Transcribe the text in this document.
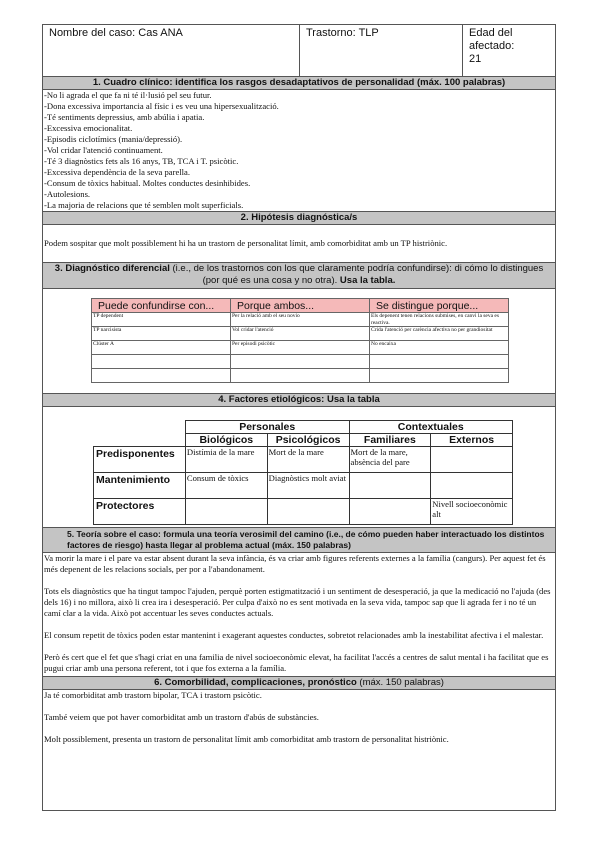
Nombre del caso: Cas ANA	Trastorno: TLP	Edad del afectado:
21
1. Cuadro clínico: identifica los rasgos desadaptativos de personalidad (máx. 100 palabras)

-No li agrada el que fa ni té il·lusió pel seu futur.

-Dona excessiva importancia al físic i es veu una hipersexualització.

-Té sentiments depressius, amb abúlia i apatia.

-Excessiva emocionalitat.

-Episodis ciclotímics (mania/depressió).

-Vol cridar l'atenció continuament.

-Té 3 diagnòstics fets als 16 anys, TB, TCA i T. psicòtic.

-Excessiva dependència de la seva parella.

-Consum de tòxics habitual. Moltes conductes desinhibides.

-Autolesions.

-La majoria de relacions que té semblen molt superficials.

2. Hipótesis diagnóstica/s

Podem sospitar que molt possiblement hi ha un trastorn de personalitat límit, amb comorbiditat amb un TP histriònic.

3. Diagnóstico diferencial (i.e., de los trastornos con los que claramente podría confundirse): di cómo lo distingues (por qué es una cosa y no otra). Usa la tabla.
Puede confundirse con...	Porque ambos...	Se distingue porque...
TP dependent	Per la relació amb el seu novio	Els depenent tenen relacions submises, en canvi la seva es reactiva.
TP narcisista	Vol cridar l'atenció	Crida l'atenció per carència afectiva no per grandiositat
Clúster A	Per episodi psicòtic	No encaixa

4. Factores etiológicos: Usa la tabla
	Personales		Contextuales	
	Biológicos	Psicológicos	Familiares	Externos
Predisponentes	Distímia de la mare	Mort de la mare	Mort de la mare, absència del pare	
Mantenimiento	Consum de tòxics	Diagnòstics molt aviat		
Protectores				Nivell socioeconòmic alt
5. Teoría sobre el caso: formula una teoría verosimil del camino (i.e., de cómo pueden haber interactuado los distintos factores de riesgo) hasta llegar al problema actual (máx. 150 palabras)

Va morir la mare i el pare va estar absent durant la seva infància, és va criar amb figures referents externes a la família (cangurs). Per aquest fet és més depenent de les relacions socials, per por a l'abandonament.

Tots els diagnòstics que ha tingut tampoc l'ajuden, perquè porten estigmatització i un sentiment de desesperació, ja que la medicació no l'ajuda (des dels 16) i no millora, això li crea ira i desesperació. Per culpa d'això no es sent motivada en la seva vida, tampoc sap que li agrada fer i no té un camí clar a la vida. Això pot accentuar les seves conductes actuals.

El consum repetit de tòxics poden estar mantenint i exagerant aquestes conductes, sobretot relacionades amb la inestabilitat afectiva i el malestar.

Però és cert que el fet que s'hagi criat en una familia de nivel socioeconòmic elevat, ha facilitat l'accés a centres de salut mental i ha facilitat que es pugui criar amb una persona referent, tot i que fos externa a la família.

6. Comorbilidad, complicaciones, pronóstico (máx. 150 palabras)

Ja té comorbiditat amb trastorn bipolar, TCA i trastorn psicòtic.

També veiem que pot haver comorbiditat amb un trastorn d'abús de substàncies.

Molt possiblement, presenta un trastorn de personalitat límit amb comorbiditat amb trastorn de personalitat histriònic.
